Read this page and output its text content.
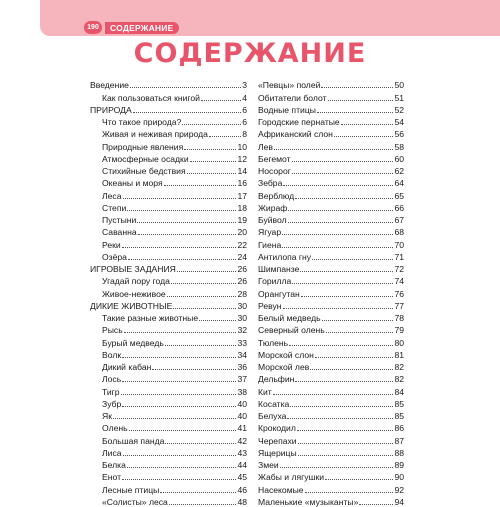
190	СОДЕРЖАНИЕ
СОДЕРЖАНИЕ
Введение	3
Как пользоваться книгой	4
ПРИРОДА	6
Что такое природа?	6
Живая и неживая природа	8
Природные явления	10
Атмосферные осадки	12
Стихийные бедствия	14
Океаны и моря	16
Леса	17
Степи	18
Пустыни	19
Саванна	20
Реки	22
Озёра	24
ИГРОВЫЕ ЗАДАНИЯ	26
Угадай пору года	26
Живое-неживое	28
ДИКИЕ ЖИВОТНЫЕ	30
Такие разные животные	30
Рысь	32
Бурый медведь	33
Волк	34
Дикий кабан	36
Лось	37
Тигр	38
Зубр	40
Як	40
Олень	41
Большая панда	42
Лиса	43
Белка	44
Енот	45
Лесные птицы	46
«Солисты» леса	48
«Певцы» полей	50
Обитатели болот	51
Водные птицы	52
Городские пернатые	54
Африканский слон	56
Лев	58
Бегемот	60
Носорог	62
Зебра	64
Верблюд	65
Жираф	66
Буйвол	67
Ягуар	68
Гиена	70
Антилопа гну	71
Шимпанзе	72
Горилла	74
Орангутан	76
Ревун	77
Белый медведь	78
Северный олень	79
Тюлень	80
Морской слон	81
Морской лев	82
Дельфин	82
Кит	84
Косатка	85
Белуха	85
Крокодил	86
Черепахи	87
Ящерицы	88
Змеи	89
Жабы и лягушки	90
Насекомые	92
Маленькие «музыканты»	94
